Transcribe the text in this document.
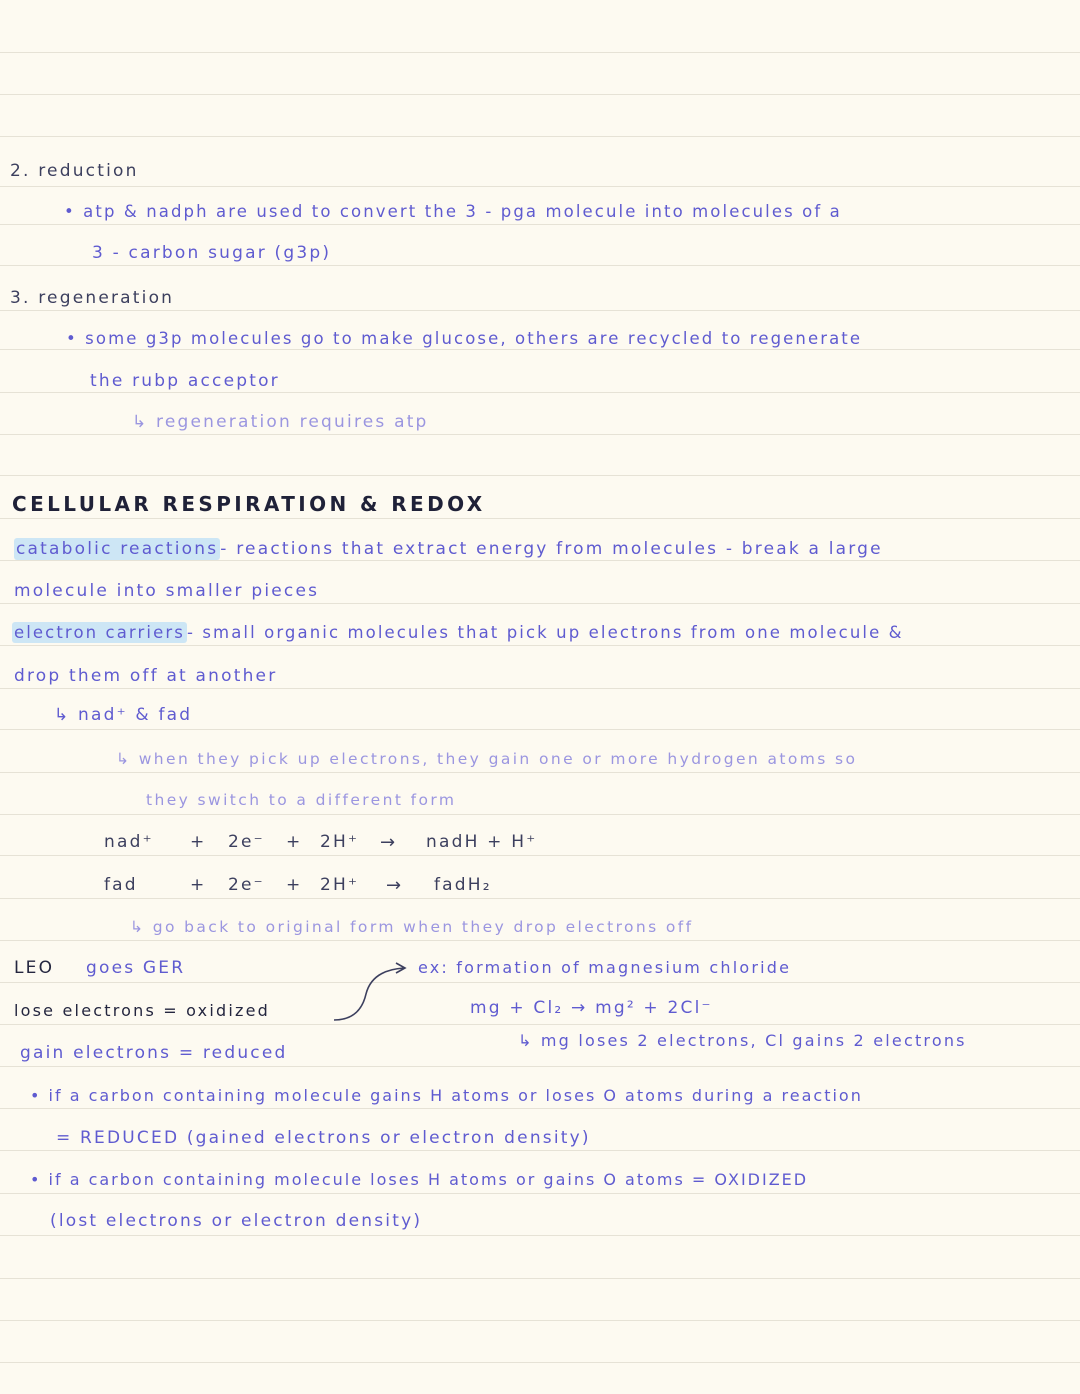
2. reduction
• atp & nadph are used to convert the 3 - pga molecule into molecules of a
3 - carbon sugar (g3p)
3. regeneration
• some g3p molecules go to make glucose, others are recycled to regenerate
the rubp acceptor
↳ regeneration requires atp
CELLULAR RESPIRATION & REDOX
catabolic reactions - reactions that extract energy from molecules - break a large
molecule into smaller pieces
electron carriers - small organic molecules that pick up electrons from one molecule &
drop them off at another
↳ nad⁺ & fad
↳ when they pick up electrons, they gain one or more hydrogen atoms so
they switch to a different form
nad⁺ + 2e⁻ + 2H⁺ → nadH + H⁺
fad	+ 2e⁻ + 2H⁺ → fadH₂
↳ go back to original form when they drop electrons off
LEO goes GER
lose electrons = oxidized
gain electrons = reduced
ex: formation of magnesium chloride
mg + Cl₂ → mg² + 2Cl⁻
↳ mg loses 2 electrons, Cl gains 2 electrons
• if a carbon containing molecule gains H atoms or loses O atoms during a reaction
= REDUCED (gained electrons or electron density)
• if a carbon containing molecule loses H atoms or gains O atoms = OXIDIZED
(lost electrons or electron density)
